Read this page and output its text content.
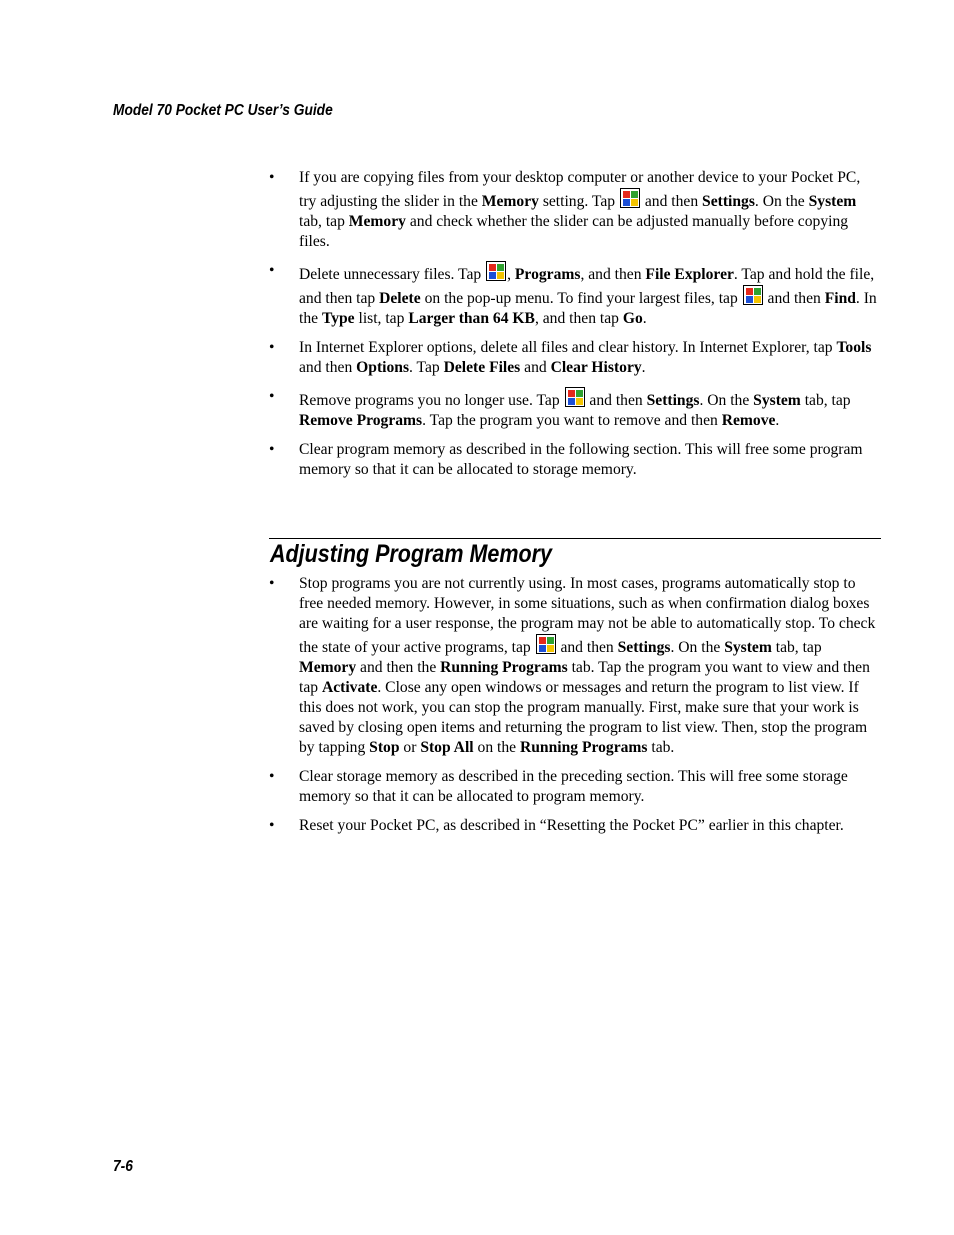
Model 70 Pocket PC User’s Guide
•	If you are copying files from your desktop computer or another device to your Pocket PC, try adjusting the slider in the Memory setting. Tap
and then Settings. On the System tab, tap Memory and check whether the slider can be adjusted manually before copying files.
•	Delete unnecessary files. Tap
, Programs, and then File Explorer. Tap and hold the file, and then tap Delete on the pop-up menu. To find your largest files, tap
and then Find. In the Type list, tap Larger than 64 KB, and then tap Go.
•	In Internet Explorer options, delete all files and clear history. In Internet Explorer, tap Tools and then Options. Tap Delete Files and Clear History.
•	Remove programs you no longer use. Tap
and then Settings. On the System tab, tap Remove Programs. Tap the program you want to remove and then Remove.
•	Clear program memory as described in the following section. This will free some program memory so that it can be allocated to storage memory.
Adjusting Program Memory
•	Stop programs you are not currently using. In most cases, programs automatically stop to free needed memory. However, in some situations, such as when confirmation dialog boxes are waiting for a user response, the program may not be able to automatically stop. To check the state of your active programs, tap
and then Settings. On the System tab, tap Memory and then the Running Programs tab. Tap the program you want to view and then tap Activate. Close any open windows or messages and return the program to list view. If this does not work, you can stop the program manually. First, make sure that your work is saved by closing open items and returning the program to list view. Then, stop the program by tapping Stop or Stop All on the Running Programs tab.
•	Clear storage memory as described in the preceding section. This will free some storage memory so that it can be allocated to program memory.
•	Reset your Pocket PC, as described in “Resetting the Pocket PC” earlier in this chapter.
7-6
